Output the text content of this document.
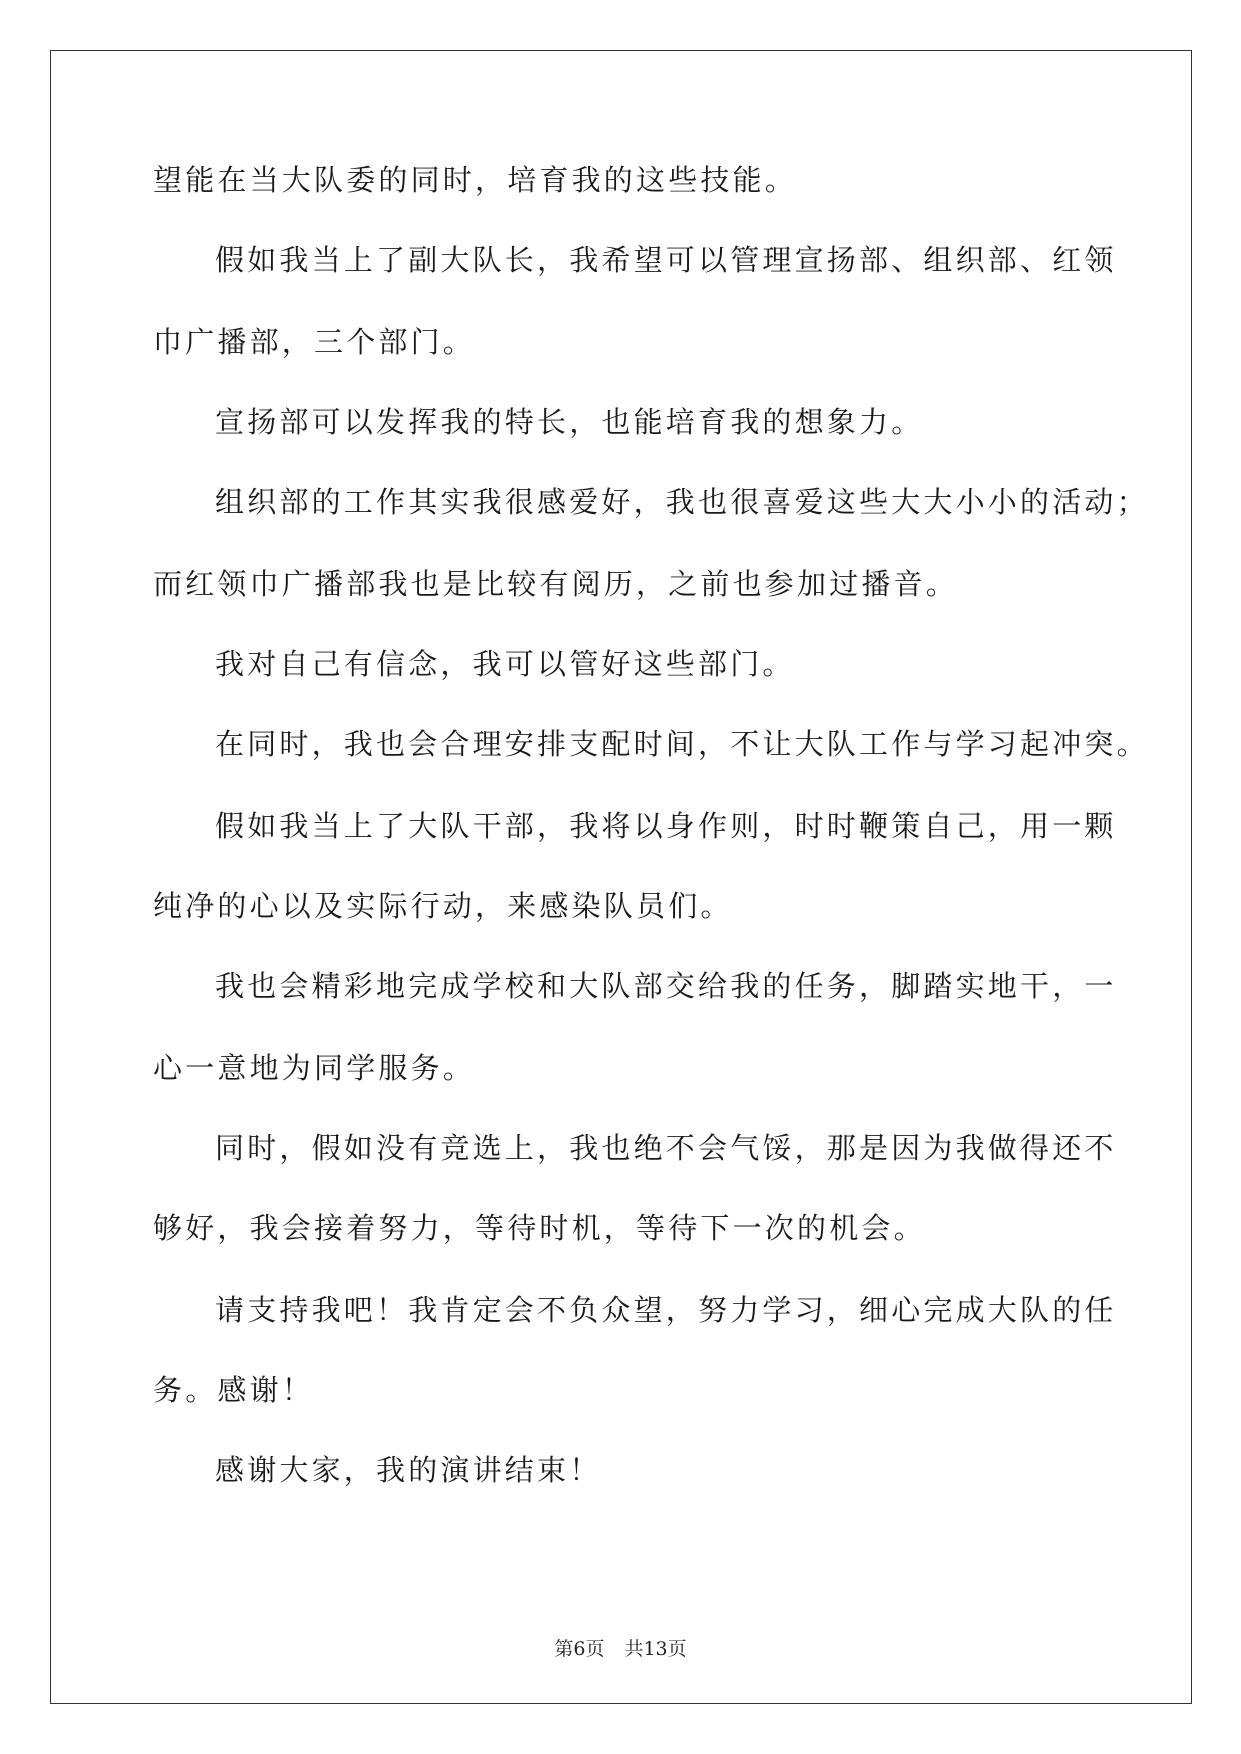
望能在当大队委的同时，培育我的这些技能。
假如我当上了副大队长，我希望可以管理宣扬部、组织部、红领
巾广播部，三个部门。
宣扬部可以发挥我的特长，也能培育我的想象力。
组织部的工作其实我很感爱好，我也很喜爱这些大大小小的活动；
而红领巾广播部我也是比较有阅历，之前也参加过播音。
我对自己有信念，我可以管好这些部门。
在同时，我也会合理安排支配时间，不让大队工作与学习起冲突。
假如我当上了大队干部，我将以身作则，时时鞭策自己，用一颗
纯净的心以及实际行动，来感染队员们。
我也会精彩地完成学校和大队部交给我的任务，脚踏实地干，一
心一意地为同学服务。
同时，假如没有竞选上，我也绝不会气馁，那是因为我做得还不
够好，我会接着努力，等待时机，等待下一次的机会。
请支持我吧！我肯定会不负众望，努力学习，细心完成大队的任
务。感谢！
感谢大家，我的演讲结束！
第6页 共13页
